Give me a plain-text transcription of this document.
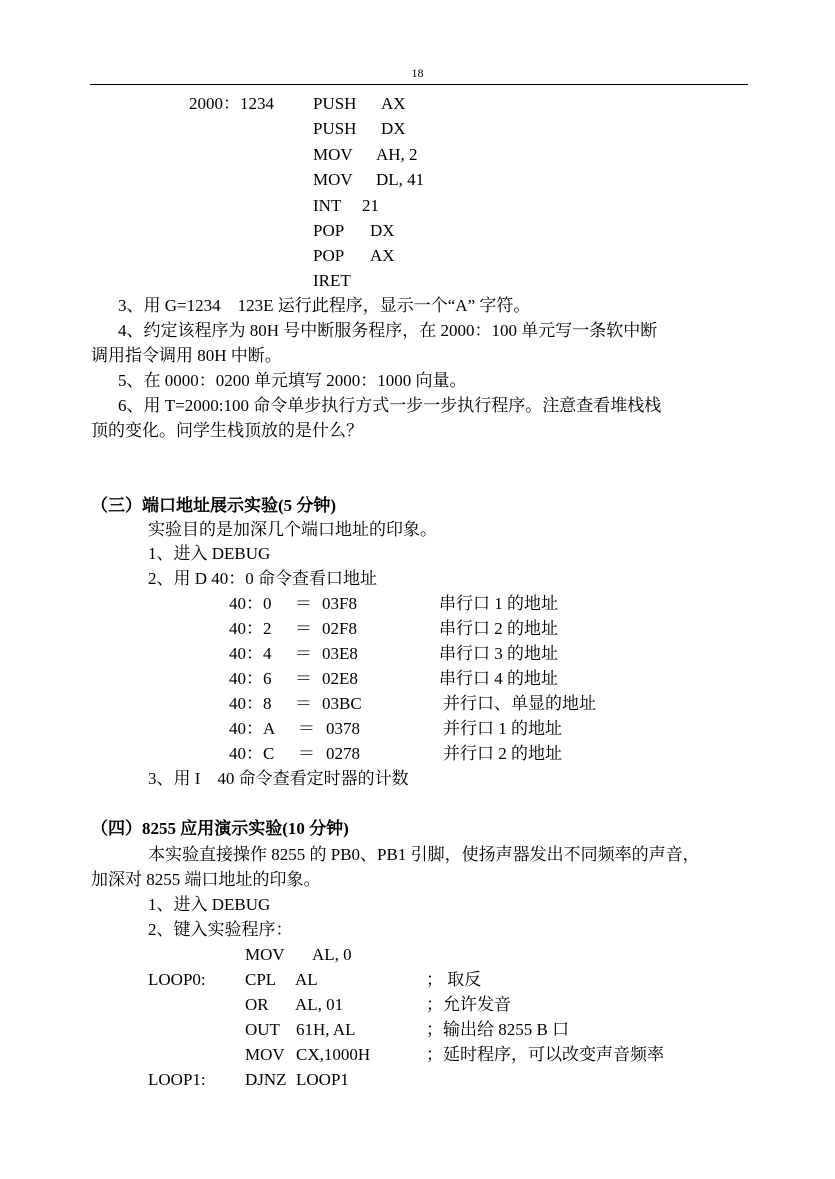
18
2000：1234 PUSH AX
PUSH DX
MOV AH, 2
MOV DL, 41
INT 21
POP DX
POP AX
IRET
3、用 G=1234　123E 运行此程序，显示一个“A” 字符。
4、约定该程序为 80H 号中断服务程序，在 2000：100 单元写一条软中断
调用指令调用 80H 中断。
5、在 0000：0200 单元填写 2000：1000 向量。
6、用 T=2000:100 命令单步执行方式一步一步执行程序。注意查看堆栈栈
顶的变化。问学生栈顶放的是什么？
（三）端口地址展示实验(5 分钟)
实验目的是加深几个端口地址的印象。
1、进入 DEBUG
2、用 D 40：0 命令查看口地址
40：0 ＝ 03F8	串行口 1 的地址
40：2 ＝ 02F8	串行口 2 的地址
40：4 ＝ 03E8	串行口 3 的地址
40：6 ＝ 02E8	串行口 4 的地址
40：8 ＝ 03BC	并行口、单显的地址
40：A ＝ 0378	并行口 1 的地址
40：C ＝ 0278	并行口 2 的地址
3、用 I　40 命令查看定时器的计数
（四）8255 应用演示实验(10 分钟)
本实验直接操作 8255 的 PB0、PB1 引脚，使扬声器发出不同频率的声音，
加深对 8255 端口地址的印象。
1、进入 DEBUG
2、键入实验程序：
MOV AL, 0
LOOP0: CPL AL	； 取反
OR AL, 01	；允许发音
OUT 61H, AL	；输出给 8255 B 口
MOV CX,1000H	；延时程序，可以改变声音频率
LOOP1: DJNZ LOOP1
